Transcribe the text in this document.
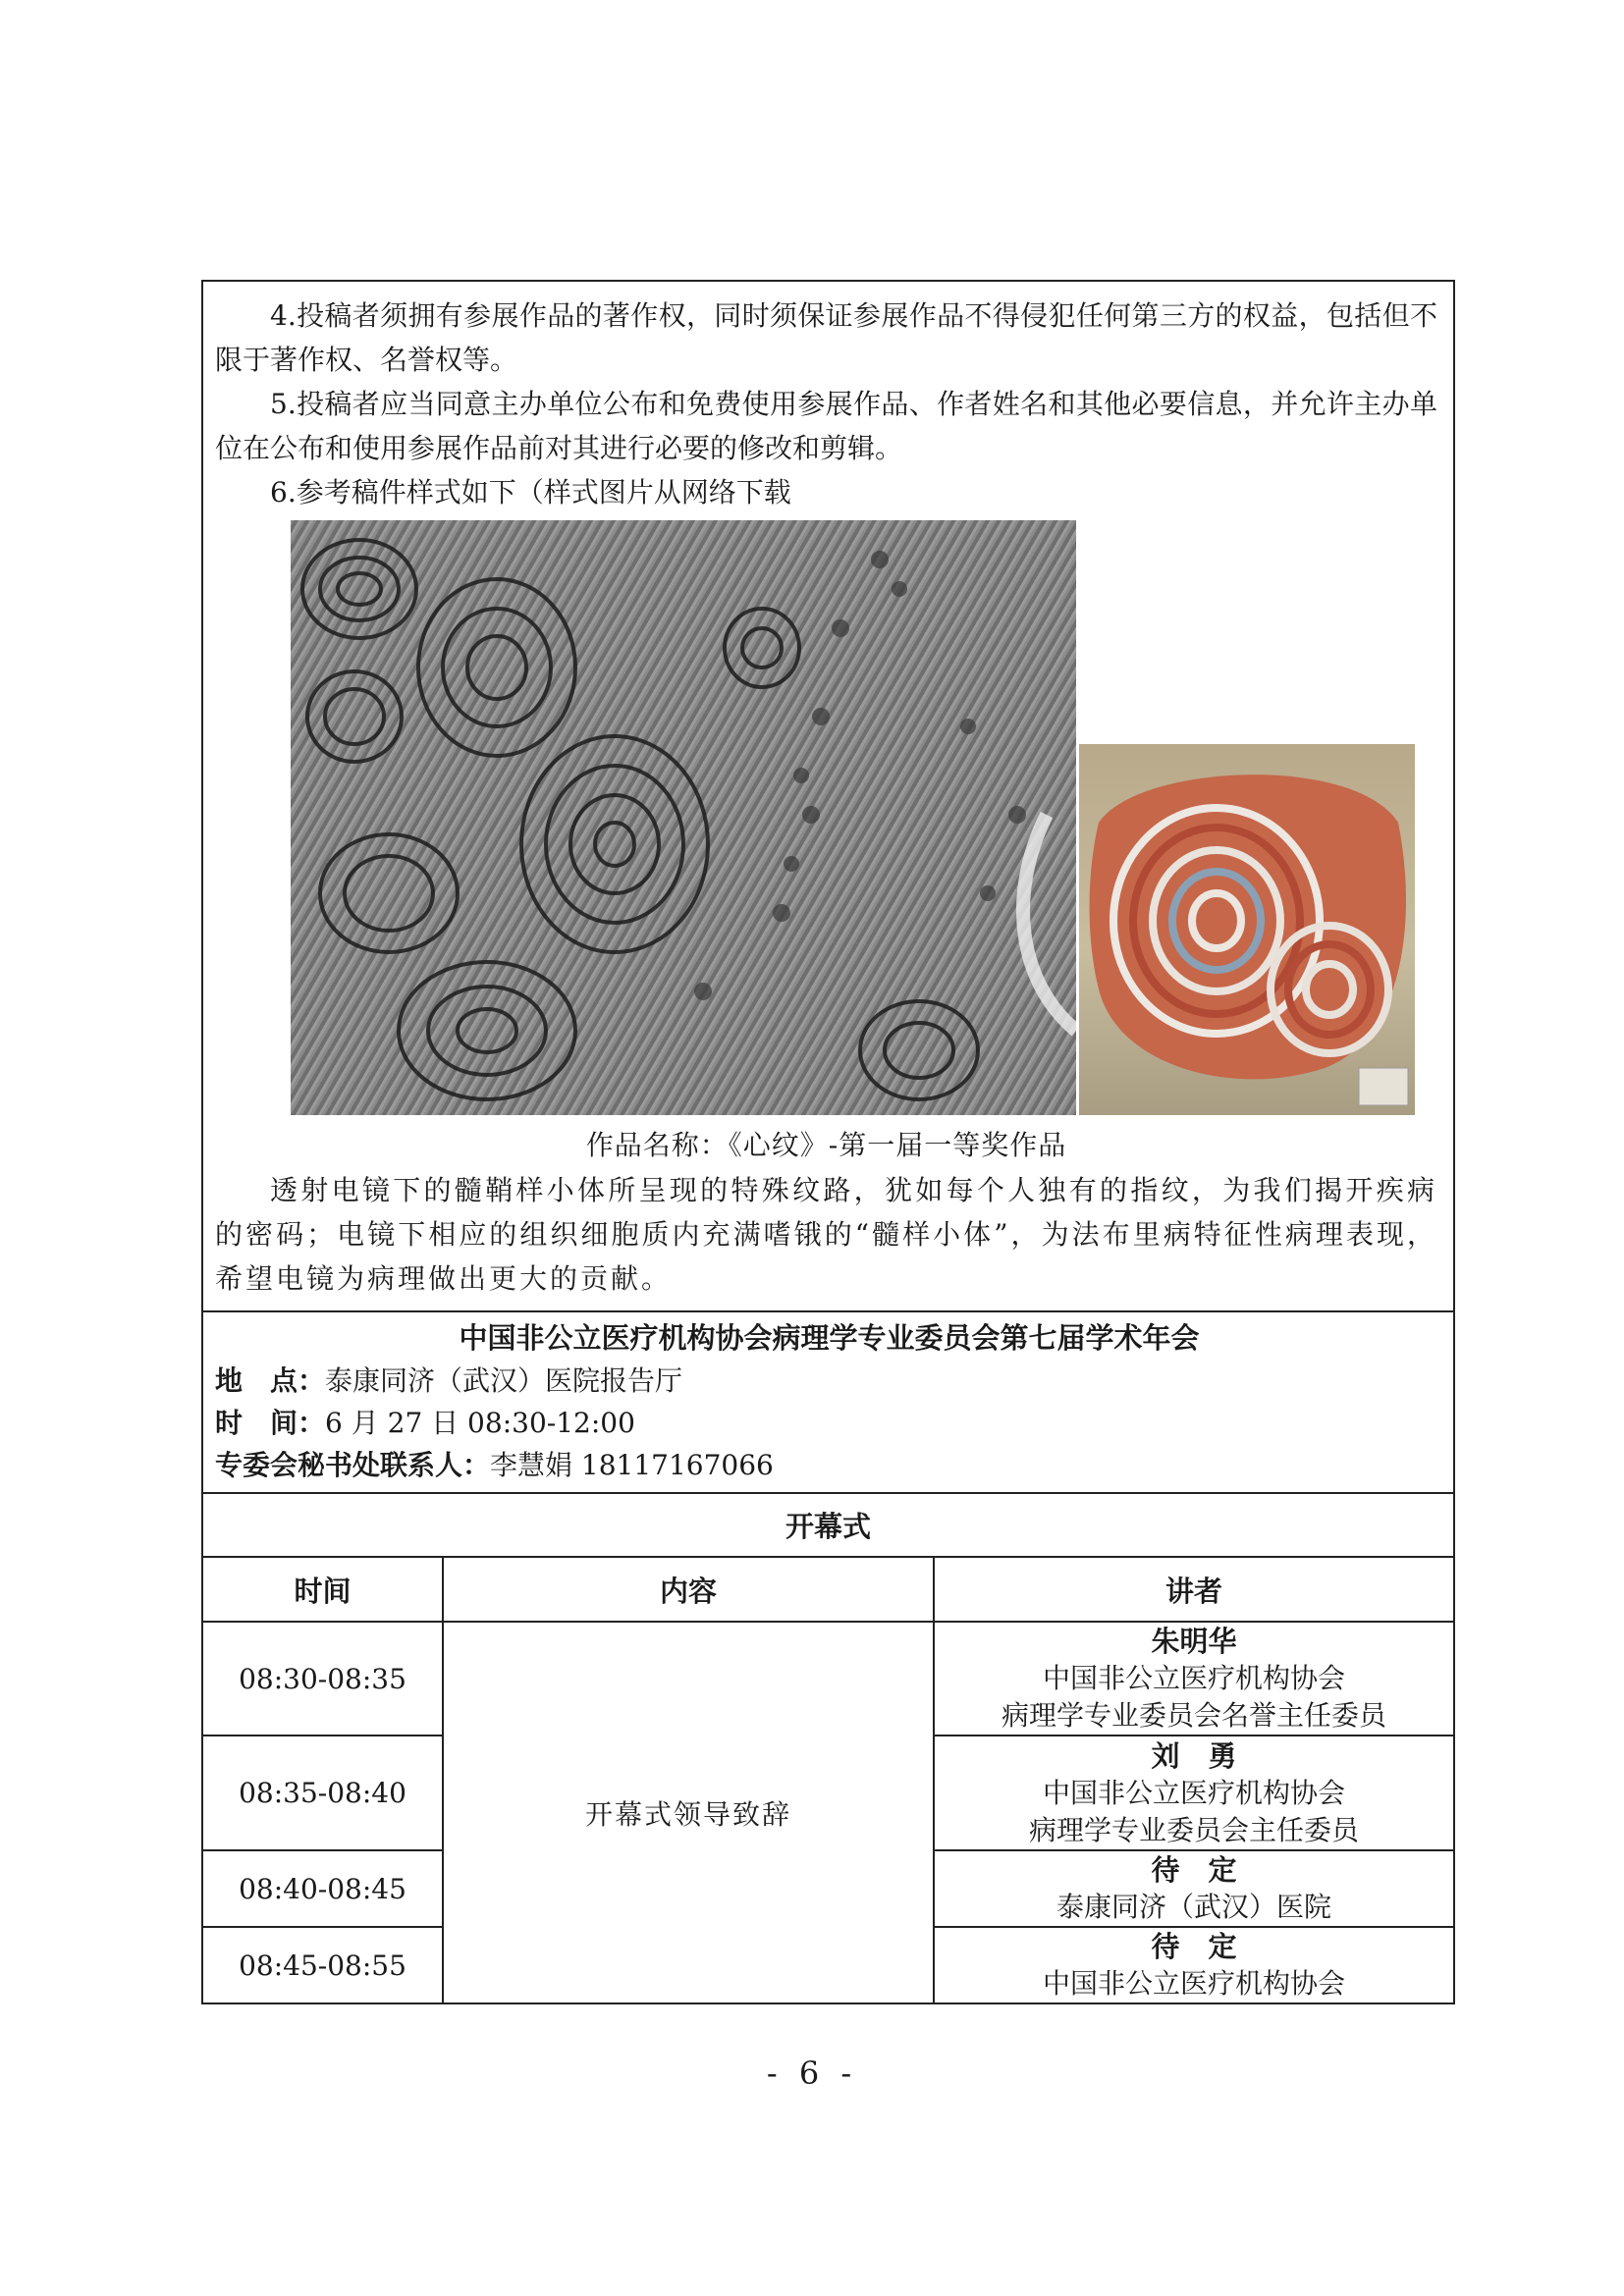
4.投稿者须拥有参展作品的著作权，同时须保证参展作品不得侵犯任何第三方的权益，包括但不限于著作权、名誉权等。

5.投稿者应当同意主办单位公布和免费使用参展作品、作者姓名和其他必要信息，并允许主办单位在公布和使用参展作品前对其进行必要的修改和剪辑。

6.参考稿件样式如下（样式图片从网络下载

作品名称：《心纹》-第一届一等奖作品

透射电镜下的髓鞘样小体所呈现的特殊纹路，犹如每个人独有的指纹，为我们揭开疾病的密码；电镜下相应的组织细胞质内充满嗜锇的“髓样小体”，为法布里病特征性病理表现，希望电镜为病理做出更大的贡献。		

中国非公立医疗机构协会病理学专业委员会第七届学术年会
地　点：泰康同济（武汉）医院报告厅
时　间：6 月 27 日 08:30-12:00
专委会秘书处联系人：李慧娟 18117167066		

开幕式		
时间	内容	讲者
08:30-08:35	开幕式领导致辞	朱明华
中国非公立医疗机构协会
病理学专业委员会名誉主任委员

08:35-08:40		刘　勇
中国非公立医疗机构协会
病理学专业委员会主任委员

08:40-08:45		待　定
泰康同济（武汉）医院

08:45-08:55		待　定
中国非公立医疗机构协会
- 6 -
